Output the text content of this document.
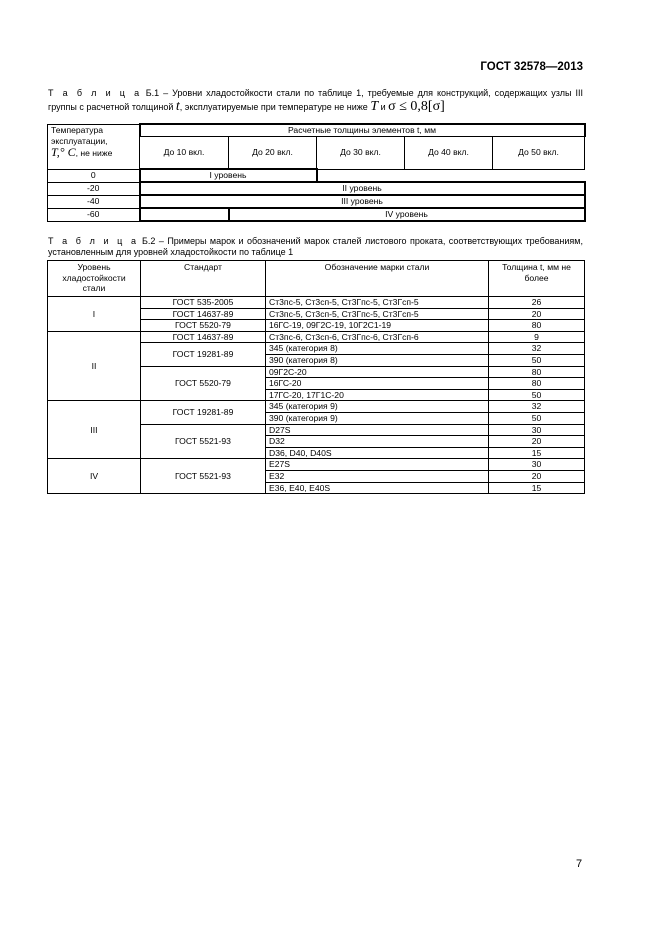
ГОСТ 32578—2013
Т а б л и ц а Б.1 – Уровни хладостойкости стали по таблице 1, требуемые для конструкций, содержащих узлы III группы с расчетной толщиной t, эксплуатируемые при температуре не ниже T и σ ≤ 0,8[σ]
Температура
эксплуатации,
T,° C, не ниже	Расчетные толщины элементов t, мм				
	До 10 вкл.	До 20 вкл.	До 30 вкл.	До 40 вкл.	До 50 вкл.
0	I уровень				
-20	II уровень				
-40	III уровень				
-60		IV уровень			
Т а б л и ц а Б.2 – Примеры марок и обозначений марок сталей листового проката, соответствующих требованиям, установленным для уровней хладостойкости по таблице 1
Уровень хладостойкости стали	Стандарт	Обозначение марки стали	Толщина t, мм не более
I	ГОСТ 535-2005	Ст3пс-5, Ст3сп-5, Ст3Гпс-5, Ст3Гсп-5	26
	ГОСТ 14637-89	Ст3пс-5, Ст3сп-5, Ст3Гпс-5, Ст3Гсп-5	20
	ГОСТ 5520-79	16ГС-19, 09Г2С-19, 10Г2С1-19	80
II	ГОСТ 14637-89	Ст3пс-6, Ст3сп-6, Ст3Гпс-6, Ст3Гсп-6	9
	ГОСТ 19281-89	345 (категория 8)	32
		390 (категория 8)	50
	ГОСТ 5520-79	09Г2С-20	80
		16ГС-20	80
		17ГС-20, 17Г1С-20	50
III	ГОСТ 19281-89	345 (категория 9)	32
		390 (категория 9)	50
	ГОСТ 5521-93	D27S	30
		D32	20
		D36, D40, D40S	15
IV	ГОСТ 5521-93	E27S	30
		E32	20
		E36, E40, E40S	15
7
